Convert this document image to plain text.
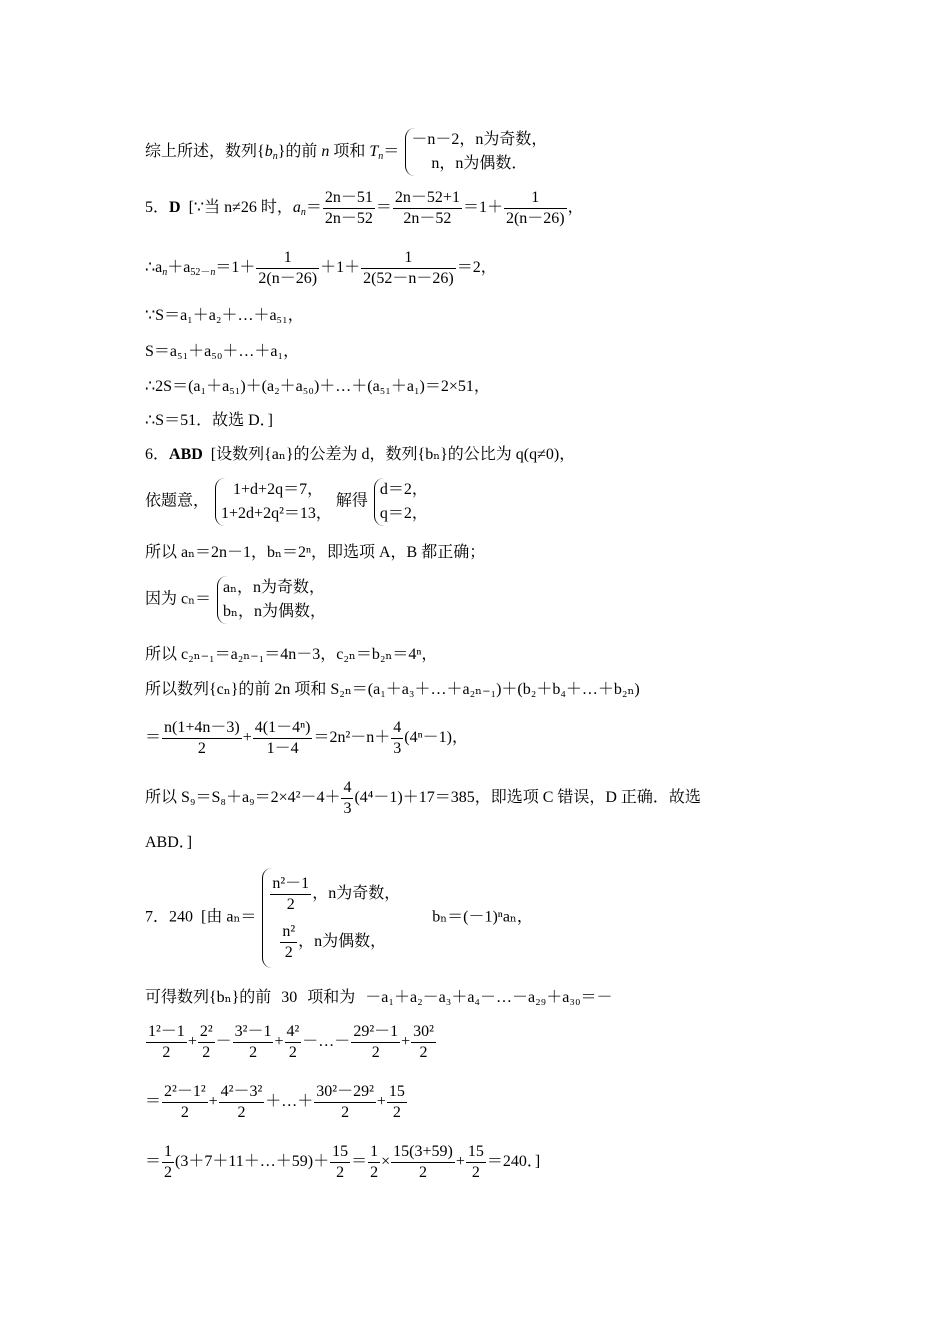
综上所述，数列$\{b_n\}$的前 n 项和 $T_n=$
－n－2，n为奇数，
n，n为偶数．
5．D [∵当 n≠26 时，$a_n= \frac{2n-51}{2n-52} = \frac{2n-52+1}{2n-52} =1+ \frac{1}{2(n-26)}$ ，
$\therefore a_n+a_{52-n}=1+ \frac{1}{2(n-26)} +1+ \frac{1}{2(52-n-26)} =2$，
∵S＝a₁＋a₂＋…＋a₅₁，
S＝a₅₁＋a₅₀＋…＋a₁，
∴2S＝(a₁＋a₅₁)＋(a₂＋a₅₀)＋…＋(a₅₁＋a₁)＝2×51，
∴S＝51．故选 D．]
6．ABD [设数列{aₙ}的公差为 d，数列{bₙ}的公比为 q(q≠0)，
依题意，
1+d+2q＝7，
1+2d+2q²＝13，
解得
d＝2，
q＝2，
所以 aₙ＝2n－1，bₙ＝2ⁿ，即选项 A，B 都正确；
因为 cₙ＝
aₙ，n为奇数，
bₙ，n为偶数，
所以 c₂ₙ₋₁＝a₂ₙ₋₁＝4n－3，c₂ₙ＝b₂ₙ＝4ⁿ，
所以数列{cₙ}的前 2n 项和 S₂ₙ＝(a₁＋a₃＋…＋a₂ₙ₋₁)＋(b₂＋b₄＋…＋b₂ₙ)
＝ $\frac{n(1+4n-3)}{2} + \frac{\text{4(1－4ⁿ)}}{1-4} =2n^2-n+ \frac{4}{3} (4^n-1)$，
所以 $S_9=S_8+a_9=2\times 4^2-4+ \frac{4}{3} (4^4-1)+17=385$，即选项 C 错误，D 正确．故选
ABD．]
7．240 [由 aₙ＝
$\frac{\text{n²－1}}{2}$ ，n为奇数，
$\frac{\text{n²}}{2}$ ，n为偶数，
bₙ＝(－1)ⁿaₙ，
可得数列{bₙ}的前 30 项和为 －a₁＋a₂－a₃＋a₄－…－a₂₉＋a₃₀＝－
$\frac{\text{1²－1}}{2} + \frac{\text{2²}}{2} - \frac{\text{3²－1}}{2} + \frac{\text{4²}}{2}$ －…－ $\frac{\text{29²－1}}{2} + \frac{\text{30²}}{2}$
＝ $\frac{\text{2²－1²}}{2} + \frac{\text{4²－3²}}{2}$ ＋…＋ $\frac{\text{30²－29²}}{2} + \frac{15}{2}$
＝ $\frac{1}{2}$ (3＋7＋11＋…＋59)＋ $\frac{15}{2} = \frac{1}{2} \times \frac{15(3+59)}{2} + \frac{15}{2} =240$．]
